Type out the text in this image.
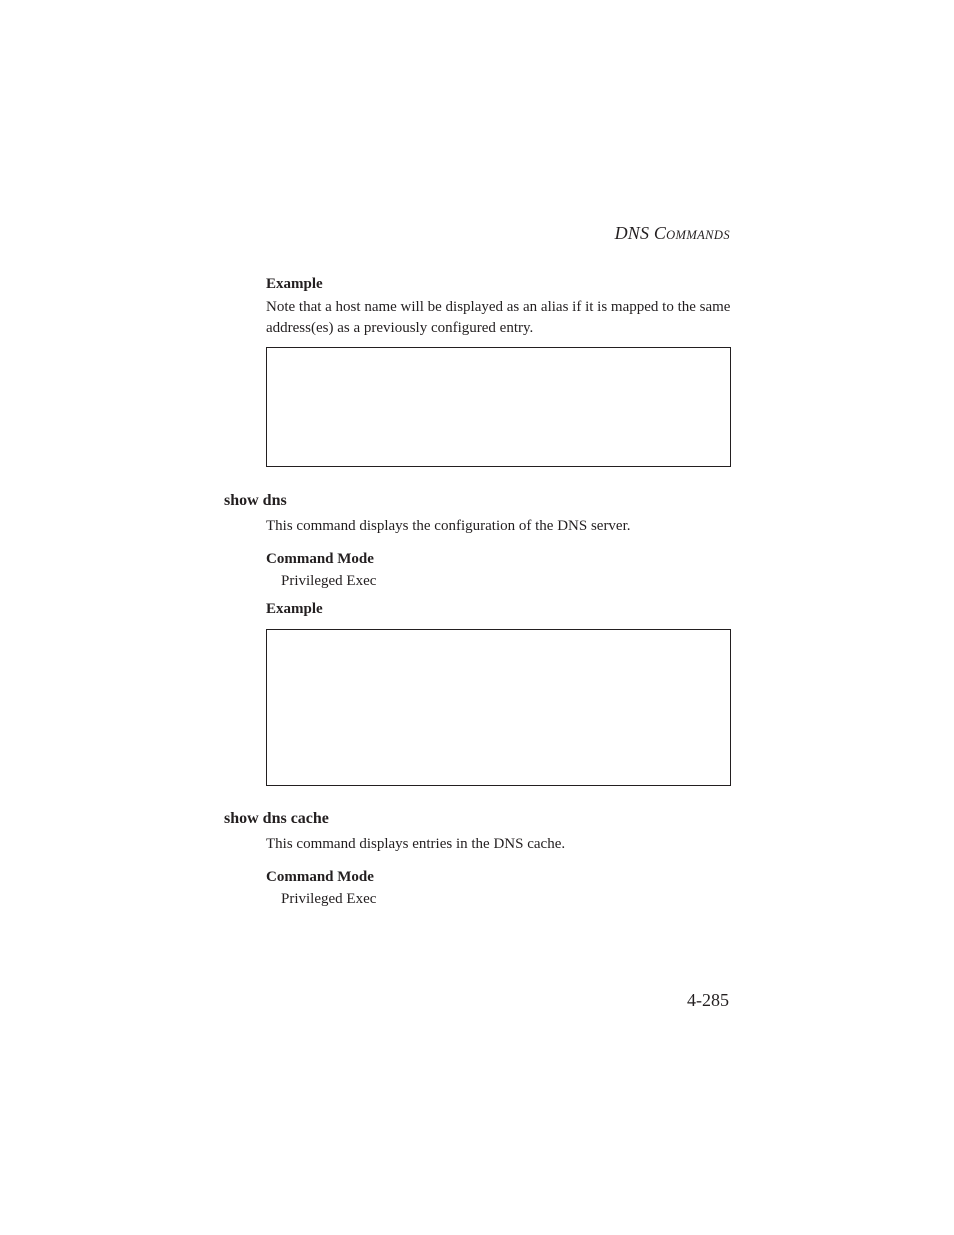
DNS COMMANDS
Example
Note that a host name will be displayed as an alias if it is mapped to the same address(es) as a previously configured entry.
show dns
This command displays the configuration of the DNS server.
Command Mode
Privileged Exec
Example
show dns cache
This command displays entries in the DNS cache.
Command Mode
Privileged Exec
4-285
